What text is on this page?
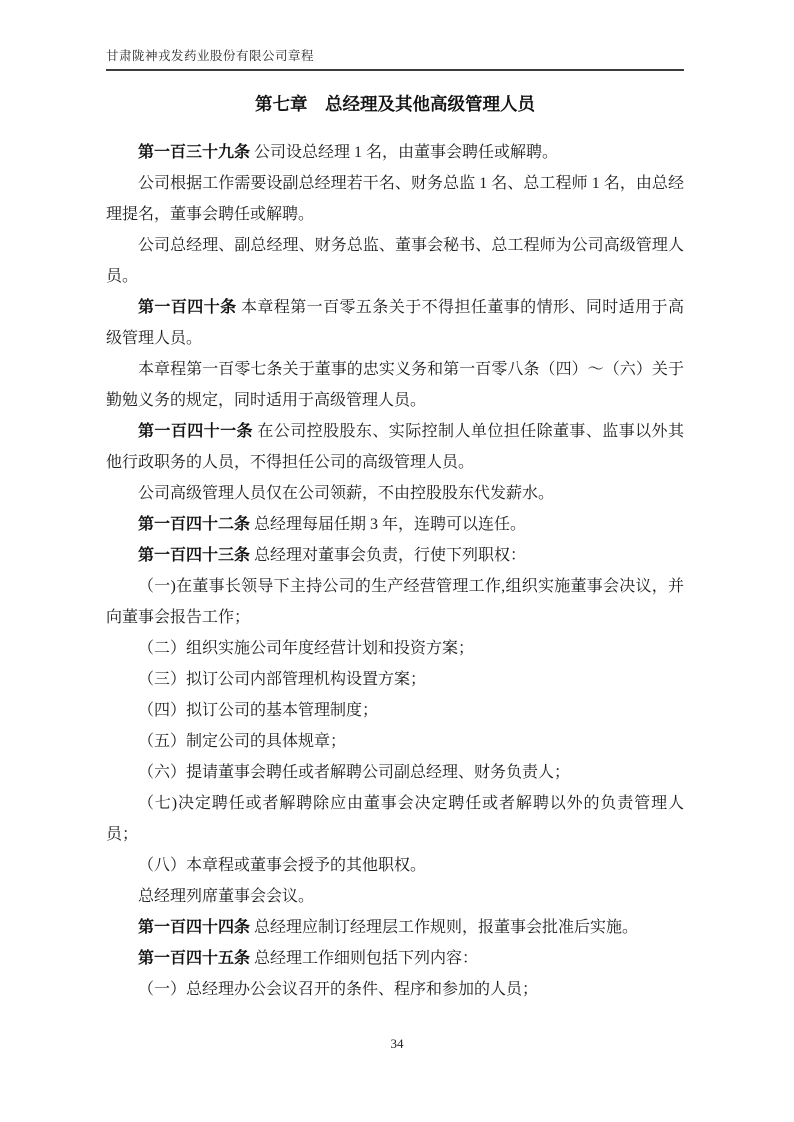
甘肃陇神戎发药业股份有限公司章程
第七章　总经理及其他高级管理人员

第一百三十九条 公司设总经理 1 名，由董事会聘任或解聘。

公司根据工作需要设副总经理若干名、财务总监 1 名、总工程师 1 名，由总经理提名，董事会聘任或解聘。

公司总经理、副总经理、财务总监、董事会秘书、总工程师为公司高级管理人员。

第一百四十条 本章程第一百零五条关于不得担任董事的情形、同时适用于高级管理人员。

本章程第一百零七条关于董事的忠实义务和第一百零八条（四）～（六）关于勤勉义务的规定，同时适用于高级管理人员。

第一百四十一条 在公司控股股东、实际控制人单位担任除董事、监事以外其他行政职务的人员，不得担任公司的高级管理人员。

公司高级管理人员仅在公司领薪，不由控股股东代发薪水。

第一百四十二条 总经理每届任期 3 年，连聘可以连任。

第一百四十三条 总经理对董事会负责，行使下列职权：

（一)在董事长领导下主持公司的生产经营管理工作,组织实施董事会决议，并向董事会报告工作；

（二）组织实施公司年度经营计划和投资方案；

（三）拟订公司内部管理机构设置方案；

（四）拟订公司的基本管理制度；

（五）制定公司的具体规章；

（六）提请董事会聘任或者解聘公司副总经理、财务负责人；

（七)决定聘任或者解聘除应由董事会决定聘任或者解聘以外的负责管理人员；

（八）本章程或董事会授予的其他职权。

总经理列席董事会会议。

第一百四十四条 总经理应制订经理层工作规则，报董事会批准后实施。

第一百四十五条 总经理工作细则包括下列内容：

（一）总经理办公会议召开的条件、程序和参加的人员；

34
